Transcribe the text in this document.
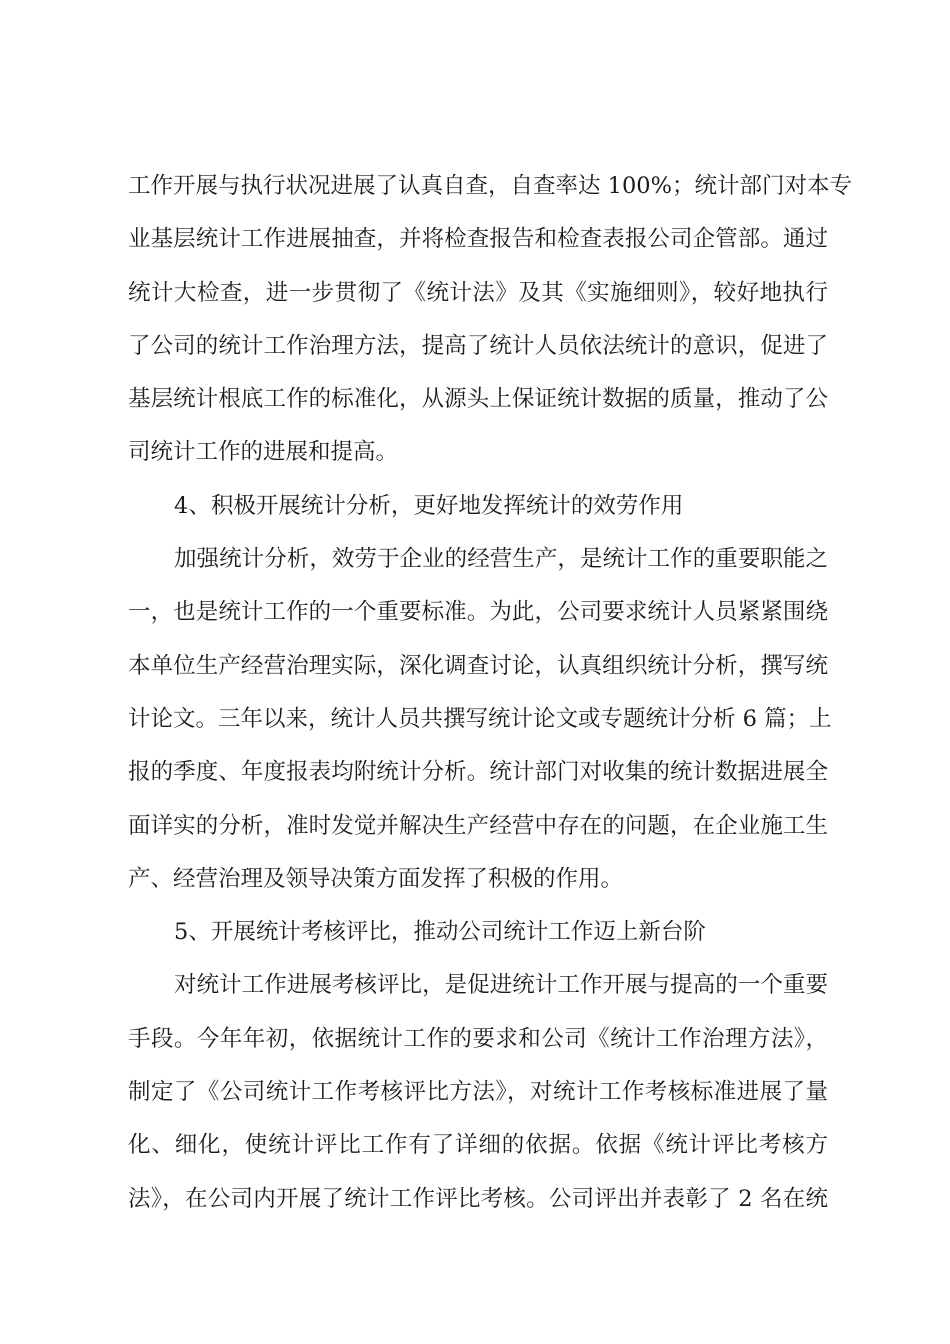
工作开展与执行状况进展了认真自查，自查率达 100%；统计部门对本专
业基层统计工作进展抽查，并将检查报告和检查表报公司企管部。通过
统计大检查，进一步贯彻了《统计法》及其《实施细则》，较好地执行
了公司的统计工作治理方法，提高了统计人员依法统计的意识，促进了
基层统计根底工作的标准化，从源头上保证统计数据的质量，推动了公
司统计工作的进展和提高。
4、积极开展统计分析，更好地发挥统计的效劳作用
加强统计分析，效劳于企业的经营生产，是统计工作的重要职能之
一，也是统计工作的一个重要标准。为此，公司要求统计人员紧紧围绕
本单位生产经营治理实际，深化调查讨论，认真组织统计分析，撰写统
计论文。三年以来，统计人员共撰写统计论文或专题统计分析 6 篇；上
报的季度、年度报表均附统计分析。统计部门对收集的统计数据进展全
面详实的分析，准时发觉并解决生产经营中存在的问题，在企业施工生
产、经营治理及领导决策方面发挥了积极的作用。
5、开展统计考核评比，推动公司统计工作迈上新台阶
对统计工作进展考核评比，是促进统计工作开展与提高的一个重要
手段。今年年初，依据统计工作的要求和公司《统计工作治理方法》，
制定了《公司统计工作考核评比方法》，对统计工作考核标准进展了量
化、细化，使统计评比工作有了详细的依据。依据《统计评比考核方
法》，在公司内开展了统计工作评比考核。公司评出并表彰了 2 名在统
